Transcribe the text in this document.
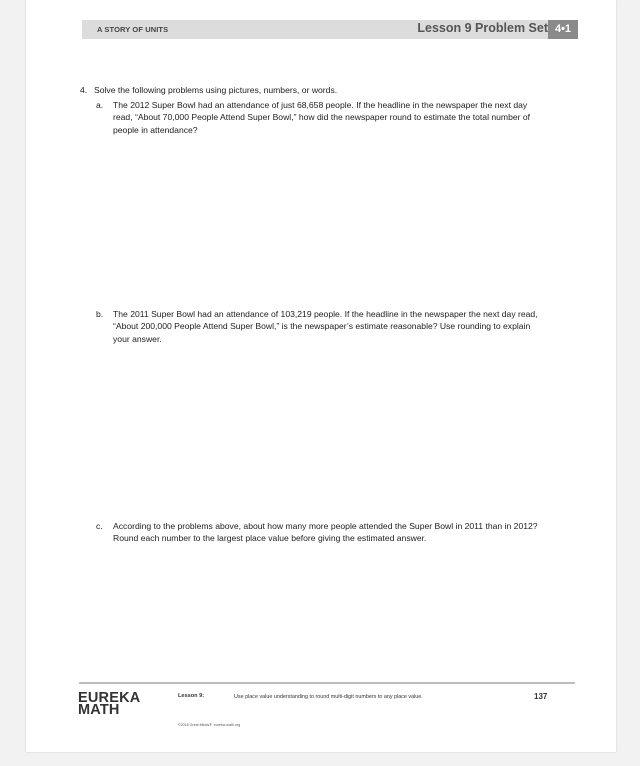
A STORY OF UNITS	Lesson 9 Problem Set 4•1
4. Solve the following problems using pictures, numbers, or words.
a.	The 2012 Super Bowl had an attendance of just 68,658 people. If the headline in the newspaper the next day read, “About 70,000 People Attend Super Bowl,” how did the newspaper round to estimate the total number of people in attendance?
b.	The 2011 Super Bowl had an attendance of 103,219 people. If the headline in the newspaper the next day read, “About 200,000 People Attend Super Bowl,” is the newspaper’s estimate reasonable? Use rounding to explain your answer.
c.	According to the problems above, about how many more people attended the Super Bowl in 2011 than in 2012? Round each number to the largest place value before giving the estimated answer.
EUREKA
MATH
Lesson 9:	Use place value understanding to round multi-digit numbers to any place value.
©2018 Great Minds®. eureka-math.org
137
